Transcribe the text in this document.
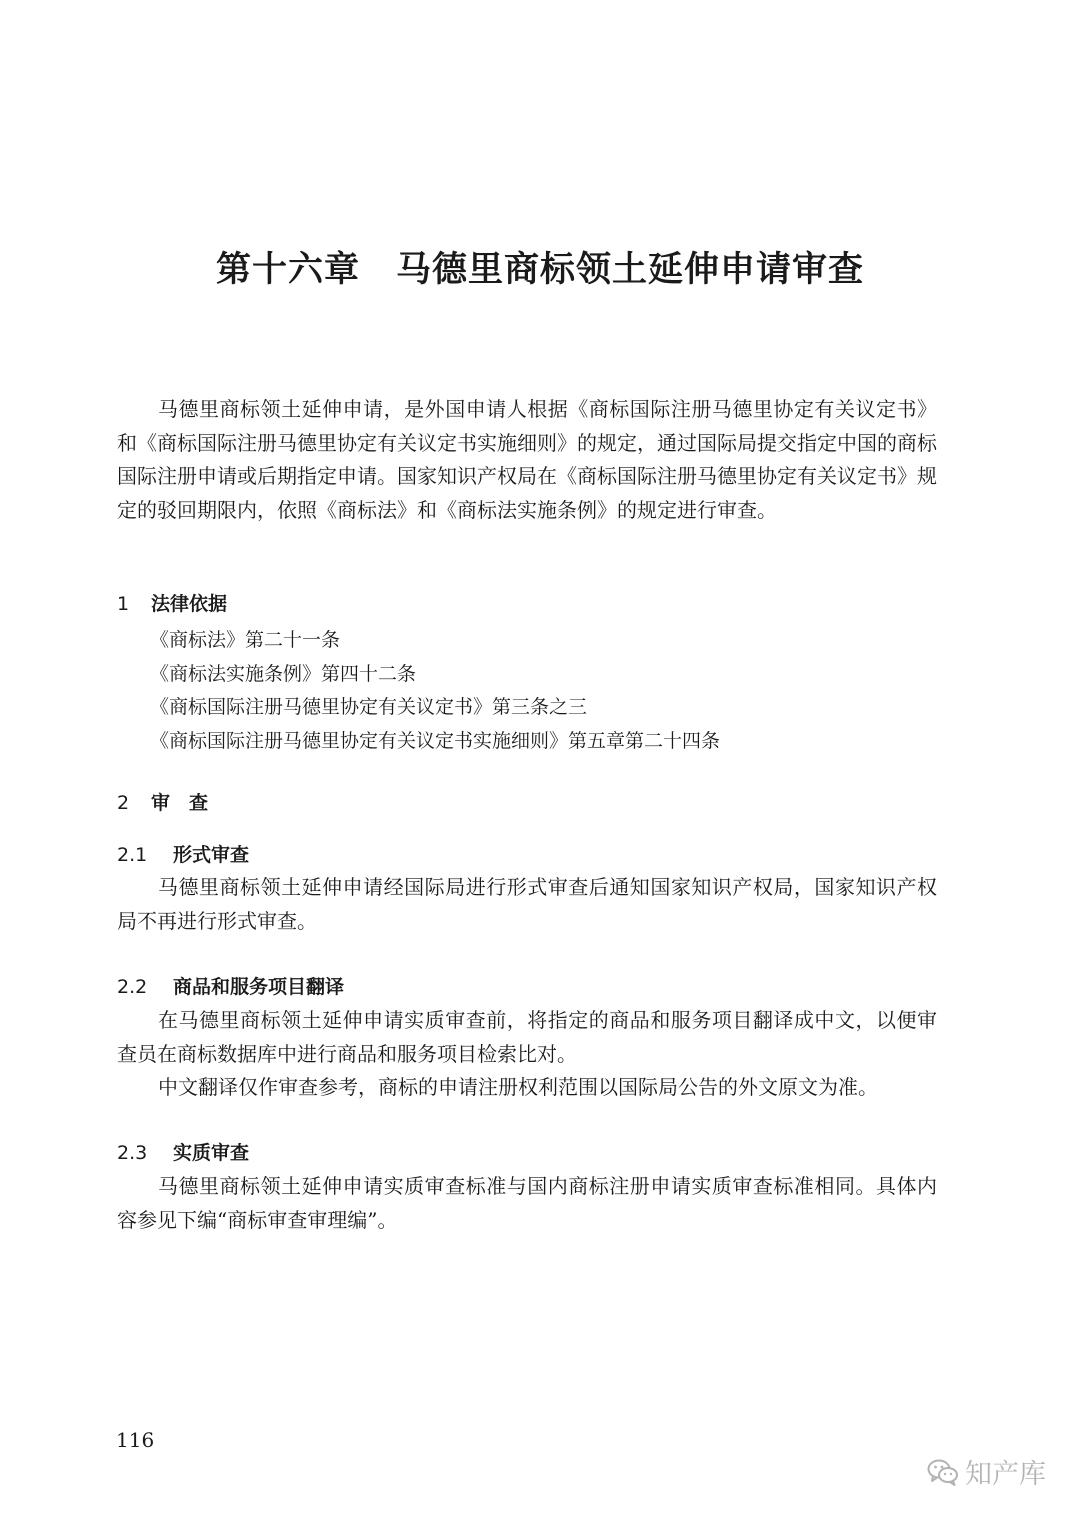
第十六章　马德里商标领土延伸申请审查

马德里商标领土延伸申请，是外国申请人根据《商标国际注册马德里协定有关议定书》和《商标国际注册马德里协定有关议定书实施细则》的规定，通过国际局提交指定中国的商标国际注册申请或后期指定申请。国家知识产权局在《商标国际注册马德里协定有关议定书》规定的驳回期限内，依照《商标法》和《商标法实施条例》的规定进行审查。

1 法律依据
《商标法》第二十一条
《商标法实施条例》第四十二条
《商标国际注册马德里协定有关议定书》第三条之三
《商标国际注册马德里协定有关议定书实施细则》第五章第二十四条
2 审　查
2.1 形式审查

马德里商标领土延伸申请经国际局进行形式审查后通知国家知识产权局，国家知识产权局不再进行形式审查。

2.2 商品和服务项目翻译

在马德里商标领土延伸申请实质审查前，将指定的商品和服务项目翻译成中文，以便审查员在商标数据库中进行商品和服务项目检索比对。

中文翻译仅作审查参考，商标的申请注册权利范围以国际局公告的外文原文为准。

2.3 实质审查

马德里商标领土延伸申请实质审查标准与国内商标注册申请实质审查标准相同。具体内容参见下编“商标审查审理编”。

116

知产库
